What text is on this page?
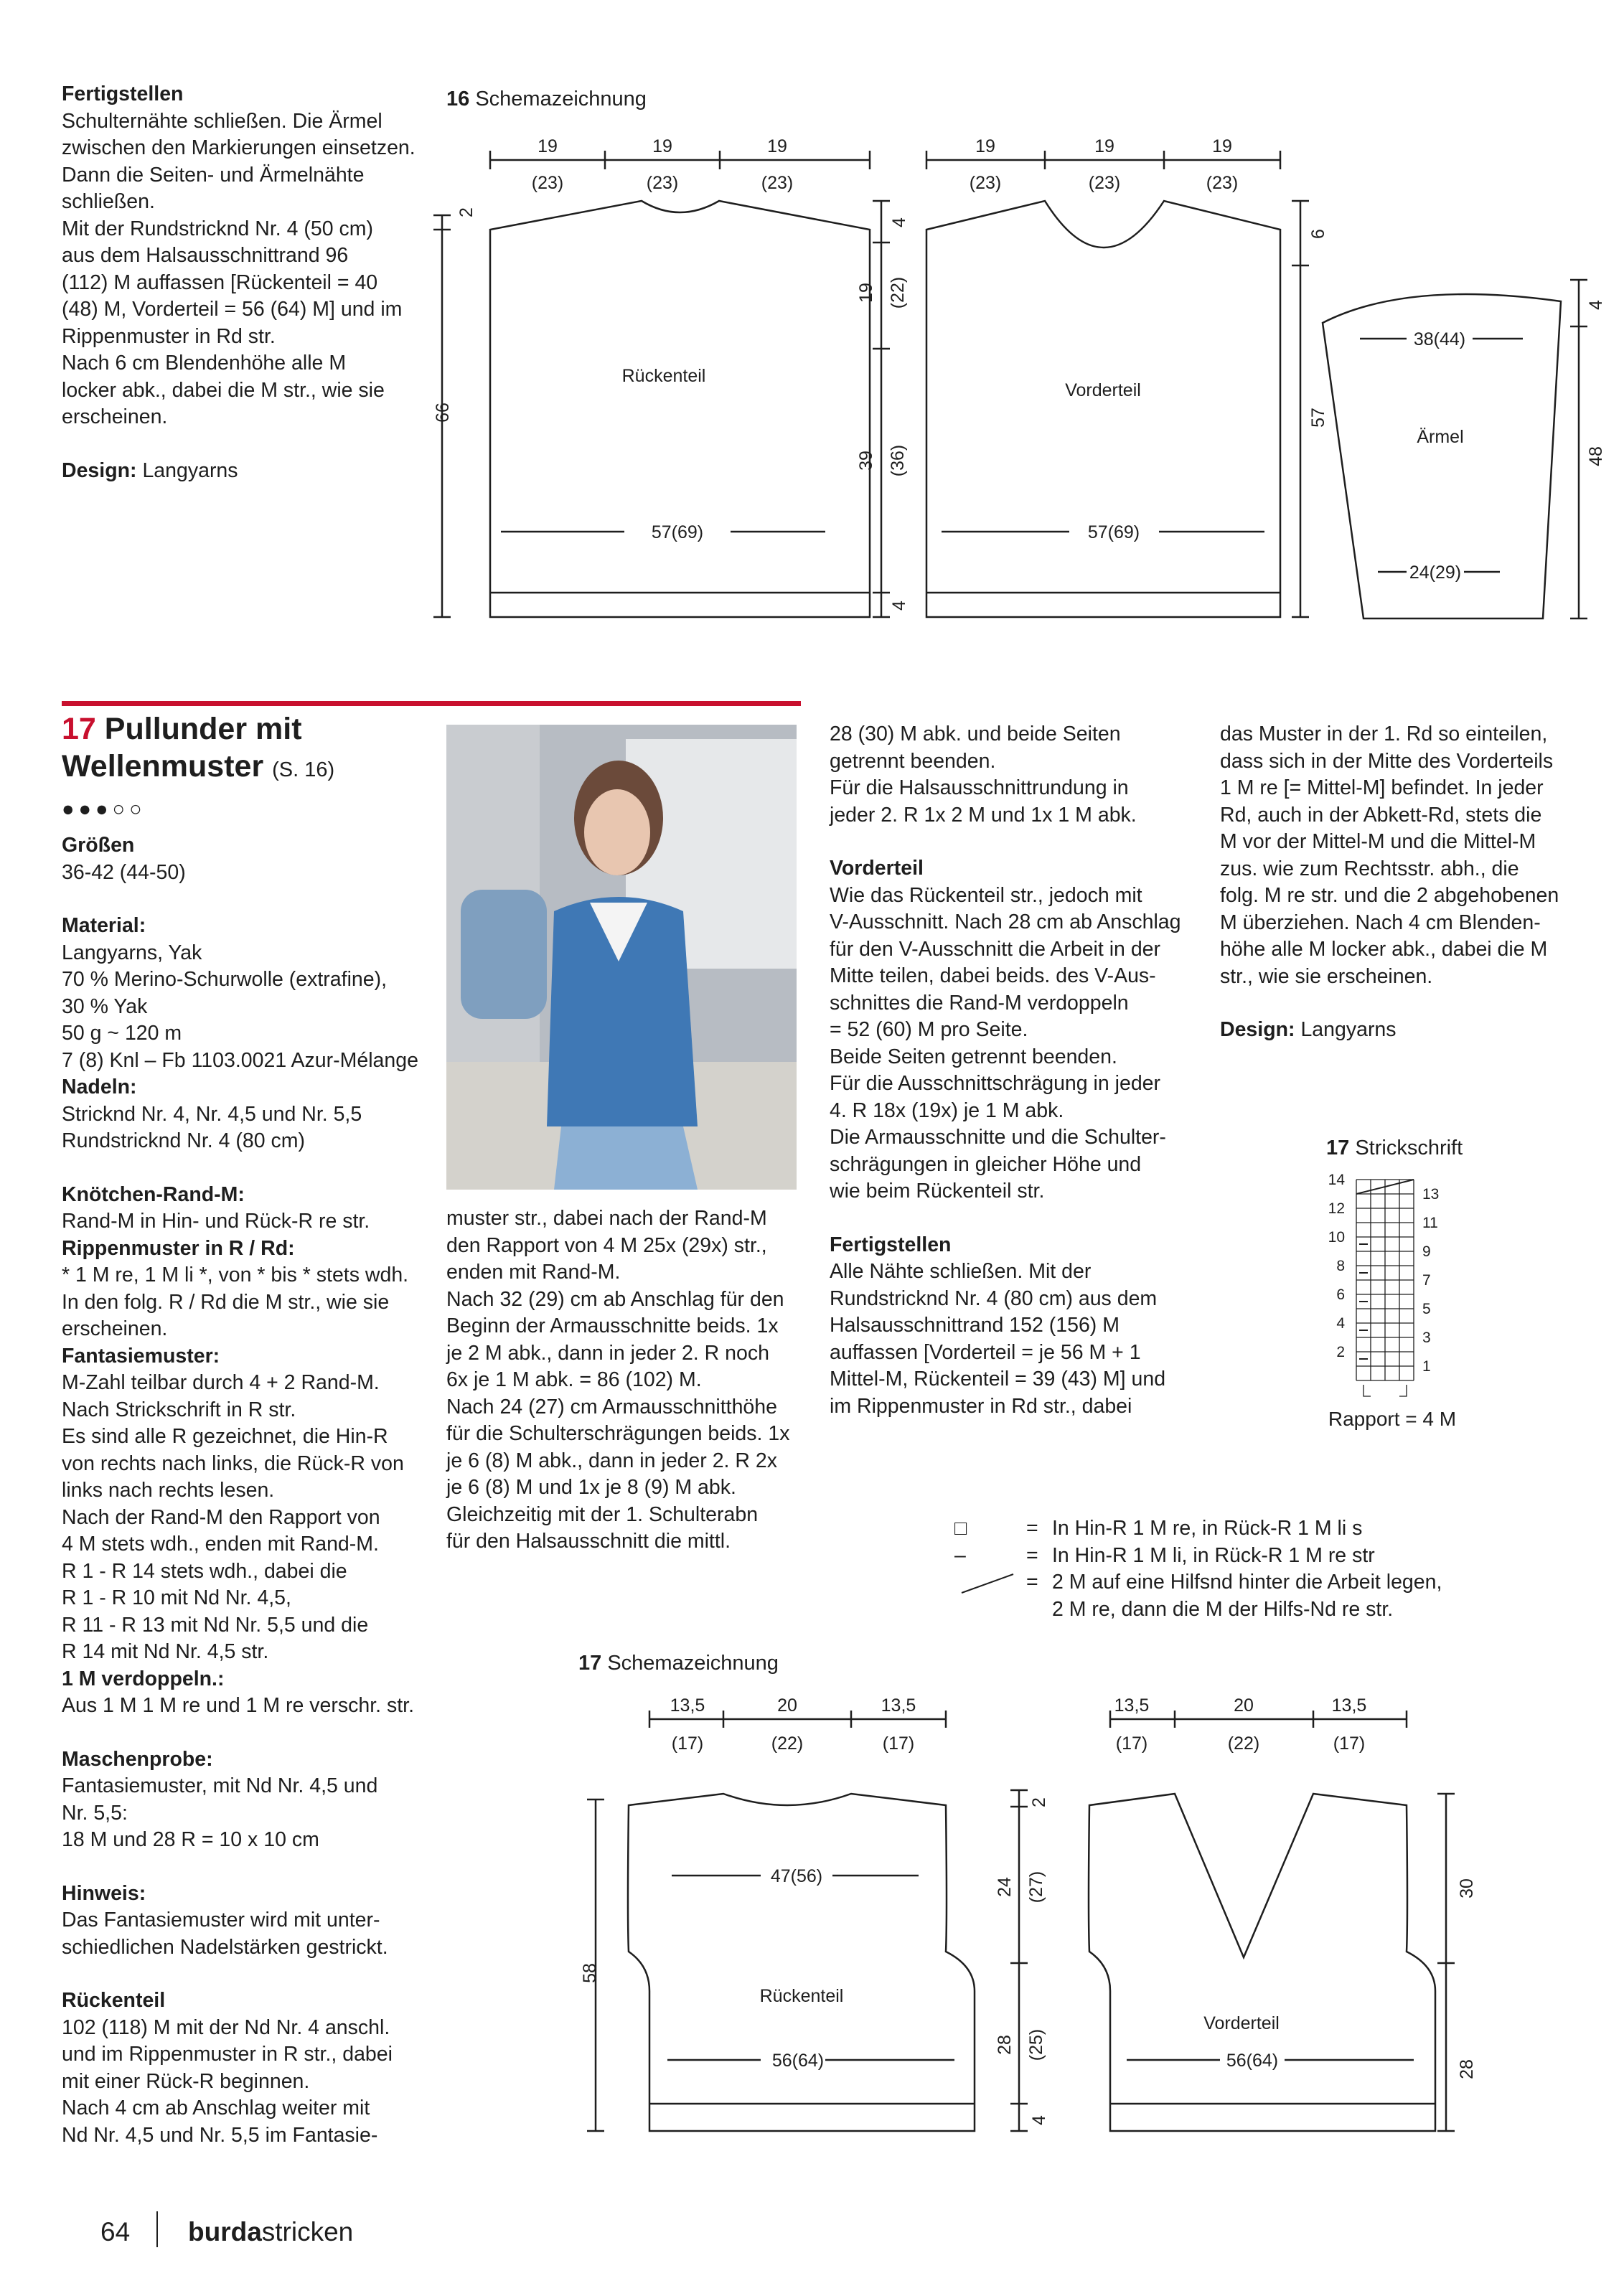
Fertigstellen

Schulternähte schließen. Die Ärmel

zwischen den Markierungen einsetzen.

Dann die Seiten- und Ärmelnähte

schließen.

Mit der Rundstricknd Nr. 4 (50 cm)

aus dem Halsausschnittrand 96

(112) M auffassen [Rückenteil = 40

(48) M, Vorderteil = 56 (64) M] und im

Rippenmuster in Rd str.

Nach 6 cm Blendenhöhe alle M

locker abk., dabei die M str., wie sie

erscheinen.

Design: Langyarns

16 Schemazeichnung
19	19	19
(23)	(23)	(23)
19	19	19
(23)	(23)	(23)
Rückenteil
Vorderteil
Ärmel
57(69)	57(69)
38(44)
24(29)
2
66
4
19 (22)
39 (36)
4
6
57
4
48
17 Pullunder mit
Wellenmuster (S. 16)
●●●○○

Größen

36-42 (44-50)

Material:

Langyarns, Yak

70 % Merino-Schurwolle (extrafine),

30 % Yak

50 g ~ 120 m

7 (8) Knl – Fb 1103.0021 Azur-Mélange

Nadeln:

Stricknd Nr. 4, Nr. 4,5 und Nr. 5,5

Rundstricknd Nr. 4 (80 cm)

Knötchen-Rand-M:

Rand-M in Hin- und Rück-R re str.

Rippenmuster in R / Rd:

* 1 M re, 1 M li *, von * bis * stets wdh.

In den folg. R / Rd die M str., wie sie

erscheinen.

Fantasiemuster:

M-Zahl teilbar durch 4 + 2 Rand-M.

Nach Strickschrift in R str.

Es sind alle R gezeichnet, die Hin-R

von rechts nach links, die Rück-R von

links nach rechts lesen.

Nach der Rand-M den Rapport von

4 M stets wdh., enden mit Rand-M.

R 1 - R 14 stets wdh., dabei die

R 1 - R 10 mit Nd Nr. 4,5,

R 11 - R 13 mit Nd Nr. 5,5 und die

R 14 mit Nd Nr. 4,5 str.

1 M verdoppeln.:

Aus 1 M 1 M re und 1 M re verschr. str.

Maschenprobe:

Fantasiemuster, mit Nd Nr. 4,5 und

Nr. 5,5:

18 M und 28 R = 10 x 10 cm

Hinweis:

Das Fantasiemuster wird mit unter-

schiedlichen Nadelstärken gestrickt.

Rückenteil

102 (118) M mit der Nd Nr. 4 anschl.

und im Rippenmuster in R str., dabei

mit einer Rück-R beginnen.

Nach 4 cm ab Anschlag weiter mit

Nd Nr. 4,5 und Nr. 5,5 im Fantasie-

muster str., dabei nach der Rand-M

den Rapport von 4 M 25x (29x) str.,

enden mit Rand-M.

Nach 32 (29) cm ab Anschlag für den

Beginn der Armausschnitte beids. 1x

je 2 M abk., dann in jeder 2. R noch

6x je 1 M abk. = 86 (102) M.

Nach 24 (27) cm Armausschnitthöhe

für die Schulterschrägungen beids. 1x

je 6 (8) M abk., dann in jeder 2. R 2x

je 6 (8) M und 1x je 8 (9) M abk.

Gleichzeitig mit der 1. Schulterabn

für den Halsausschnitt die mittl.

28 (30) M abk. und beide Seiten

getrennt beenden.

Für die Halsausschnittrundung in

jeder 2. R 1x 2 M und 1x 1 M abk.

Vorderteil

Wie das Rückenteil str., jedoch mit

V-Ausschnitt. Nach 28 cm ab Anschlag

für den V-Ausschnitt die Arbeit in der

Mitte teilen, dabei beids. des V-Aus-

schnittes die Rand-M verdoppeln

= 52 (60) M pro Seite.

Beide Seiten getrennt beenden.

Für die Ausschnittschrägung in jeder

4. R 18x (19x) je 1 M abk.

Die Armausschnitte und die Schulter-

schrägungen in gleicher Höhe und

wie beim Rückenteil str.

Fertigstellen

Alle Nähte schließen. Mit der

Rundstricknd Nr. 4 (80 cm) aus dem

Halsausschnittrand 152 (156) M

auffassen [Vorderteil = je 56 M + 1

Mittel-M, Rückenteil = 39 (43) M] und

im Rippenmuster in Rd str., dabei

das Muster in der 1. Rd so einteilen,

dass sich in der Mitte des Vorderteils

1 M re [= Mittel-M] befindet. In jeder

Rd, auch in der Abkett-Rd, stets die

M vor der Mittel-M und die Mittel-M

zus. wie zum Rechtsstr. abh., die

folg. M re str. und die 2 abgehobenen

M überziehen. Nach 4 cm Blenden-

höhe alle M locker abk., dabei die M

str., wie sie erscheinen.

Design: Langyarns

17 Strickschrift
14
12
10
8
6
4
2
13
11
9
7
5
3
1
Rapport = 4 M
□	= In Hin-R 1 M re, in Rück-R 1 M li s
–	= In Hin-R 1 M li, in Rück-R 1 M re str
= 2 M auf eine Hilfsnd hinter die Arbeit legen,
2 M re, dann die M der Hilfs-Nd re str.
17 Schemazeichnung
13,5	20	13,5
(17)	(22)	(17)
13,5	20	13,5
(17)	(22)	(17)
47(56)
Rückenteil
Vorderteil
56(64)	56(64)
58
2
24 (27)
28 (25)
4
30
28
64 burdastricken
